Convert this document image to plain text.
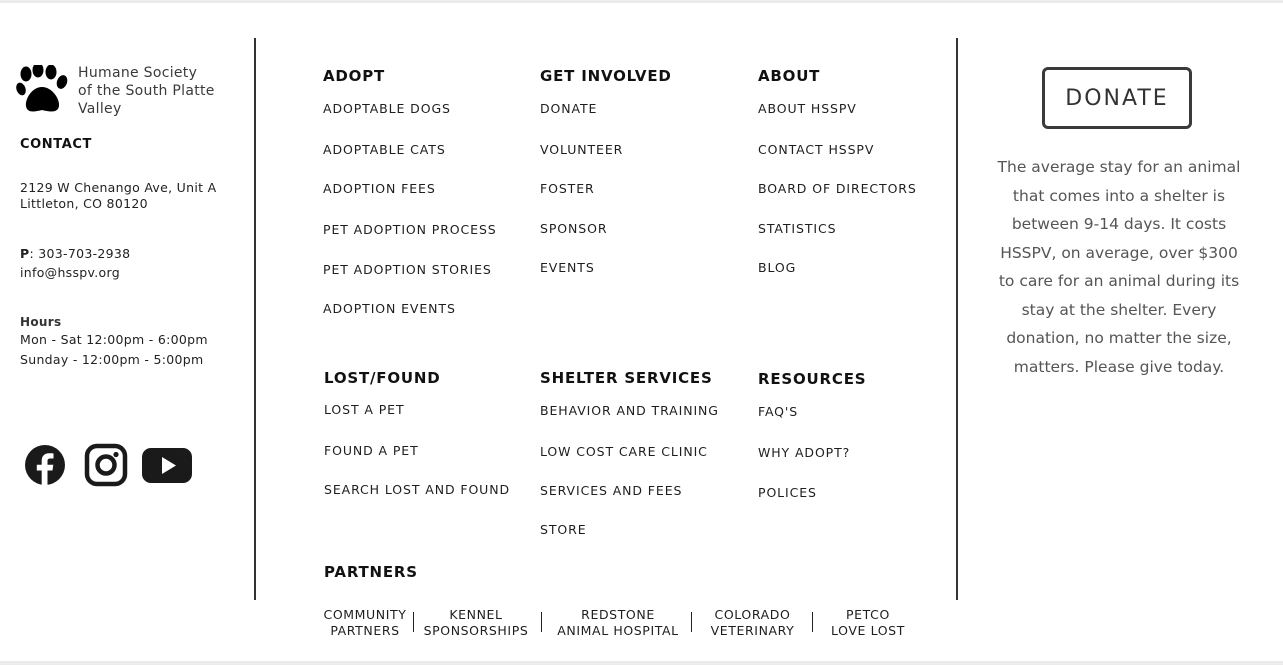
Humane Society
of the South Platte
Valley
CONTACT
2129 W Chenango Ave, Unit A
Littleton, CO 80120
P: 303-703-2938
info@hsspv.org
Hours
Mon - Sat 12:00pm - 6:00pm
Sunday - 12:00pm - 5:00pm
ADOPT
ADOPTABLE DOGS
ADOPTABLE CATS
ADOPTION FEES
PET ADOPTION PROCESS
PET ADOPTION STORIES
ADOPTION EVENTS
GET INVOLVED
DONATE
VOLUNTEER
FOSTER
SPONSOR
EVENTS
ABOUT
ABOUT HSSPV
CONTACT HSSPV
BOARD OF DIRECTORS
STATISTICS
BLOG
LOST/FOUND
LOST A PET
FOUND A PET
SEARCH LOST AND FOUND
SHELTER SERVICES
BEHAVIOR AND TRAINING
LOW COST CARE CLINIC
SERVICES AND FEES
STORE
RESOURCES
FAQ'S
WHY ADOPT?
POLICES
PARTNERS
COMMUNITY
PARTNERS
KENNEL
SPONSORSHIPS
REDSTONE
ANIMAL HOSPITAL
COLORADO
VETERINARY
PETCO
LOVE LOST
DONATE
The average stay for an animal that comes into a shelter is between 9-14 days. It costs HSSPV, on average, over $300 to care for an animal during its stay at the shelter. Every donation, no matter the size, matters. Please give today.
